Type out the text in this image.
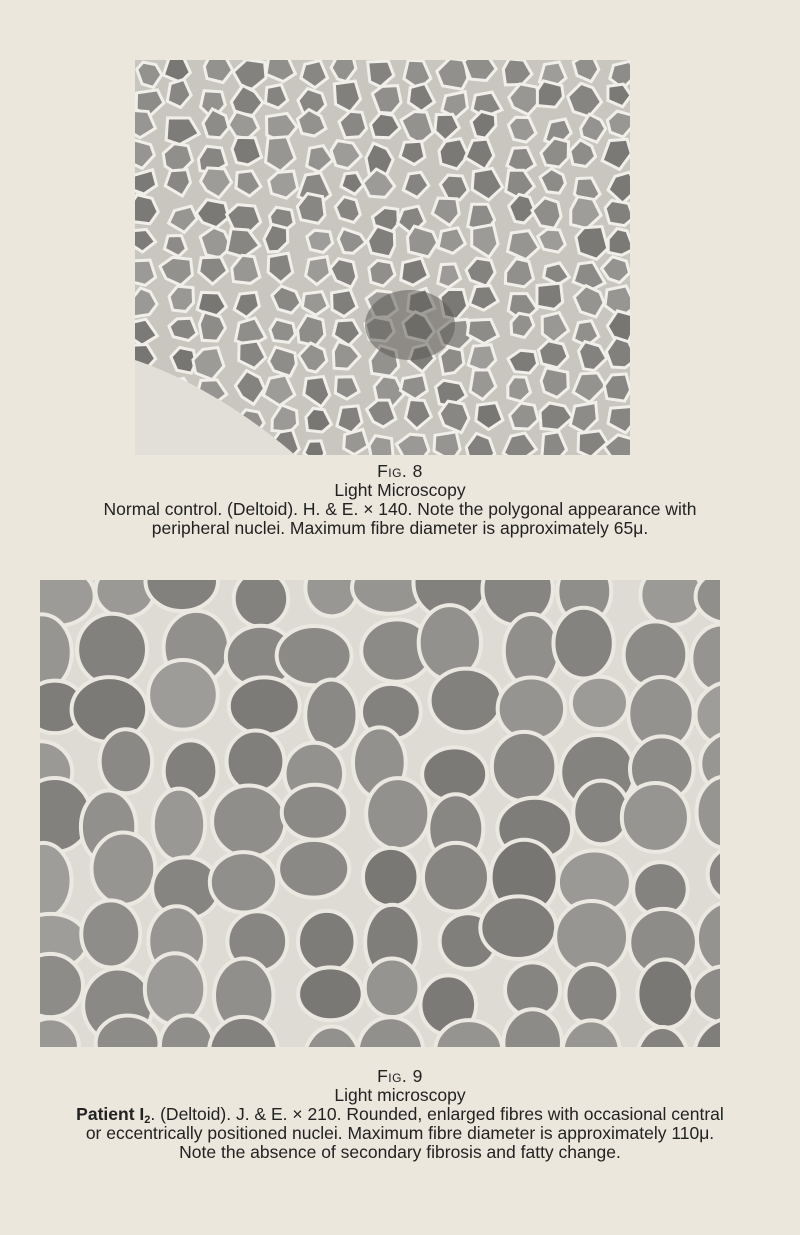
Fig. 8
Light Microscopy
Normal control. (Deltoid). H. & E. × 140. Note the polygonal appearance with
peripheral nuclei. Maximum fibre diameter is approximately 65μ.
Fig. 9
Light microscopy
Patient $I_2$. (Deltoid). J. & E. × 210. Rounded, enlarged fibres with occasional central
or eccentrically positioned nuclei. Maximum fibre diameter is approximately 110μ.
Note the absence of secondary fibrosis and fatty change.
